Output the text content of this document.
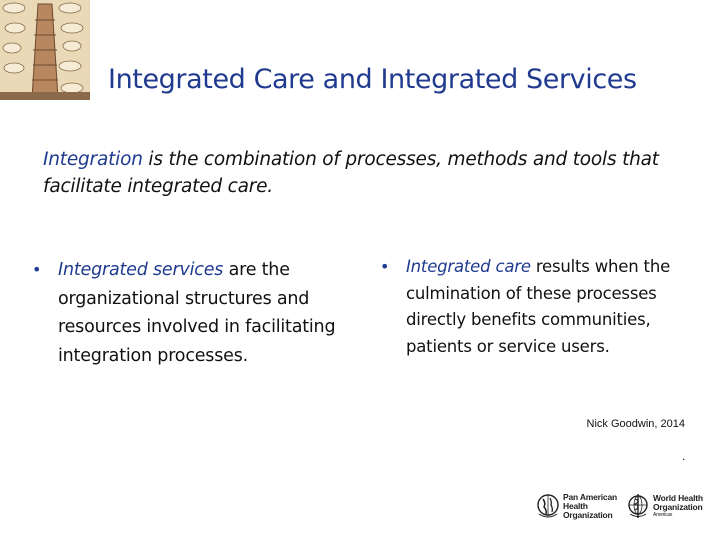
Integrated Care and Integrated Services
Integration is the combination of processes, methods and tools that facilitate integrated care.
• Integrated services are the organizational structures and resources involved in facilitating integration processes.
•	Integrated care results when the culmination of these processes directly benefits communities, patients or service users.
Nick Goodwin, 2014
.
Pan American
Health
Organization
World Health
Organization
Americas
